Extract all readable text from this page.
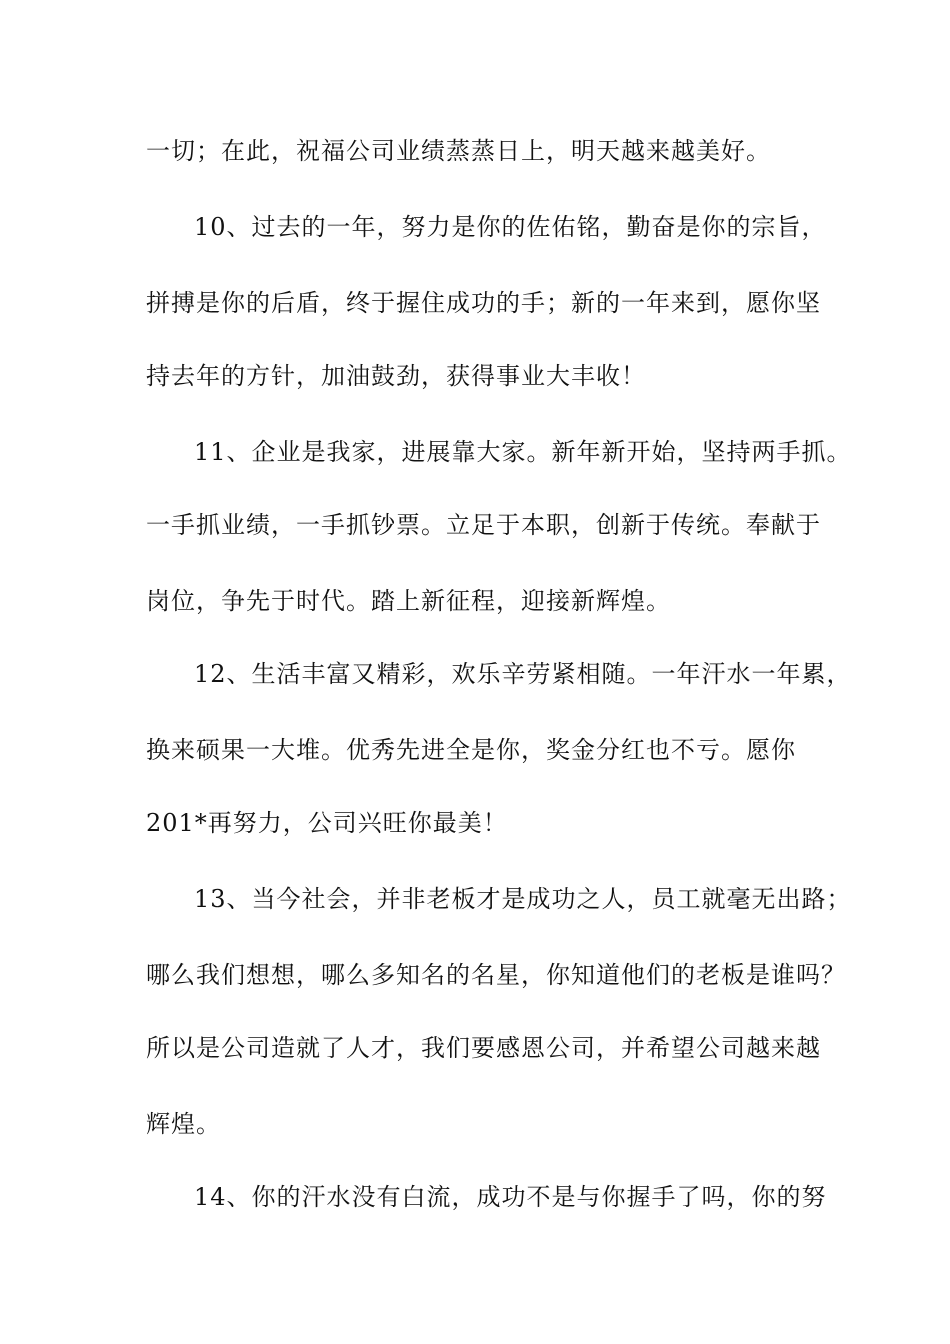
一切；在此，祝福公司业绩蒸蒸日上，明天越来越美好。
10、过去的一年，努力是你的佐佑铭，勤奋是你的宗旨，
拼搏是你的后盾，终于握住成功的手；新的一年来到，愿你坚
持去年的方针，加油鼓劲，获得事业大丰收！
11、企业是我家，进展靠大家。新年新开始，坚持两手抓。
一手抓业绩，一手抓钞票。立足于本职，创新于传统。奉献于
岗位，争先于时代。踏上新征程，迎接新辉煌。
12、生活丰富又精彩，欢乐辛劳紧相随。一年汗水一年累，
换来硕果一大堆。优秀先进全是你，奖金分红也不亏。愿你
201*再努力，公司兴旺你最美！
13、当今社会，并非老板才是成功之人，员工就毫无出路；
哪么我们想想，哪么多知名的名星，你知道他们的老板是谁吗？
所以是公司造就了人才，我们要感恩公司，并希望公司越来越
辉煌。
14、你的汗水没有白流，成功不是与你握手了吗，你的努
